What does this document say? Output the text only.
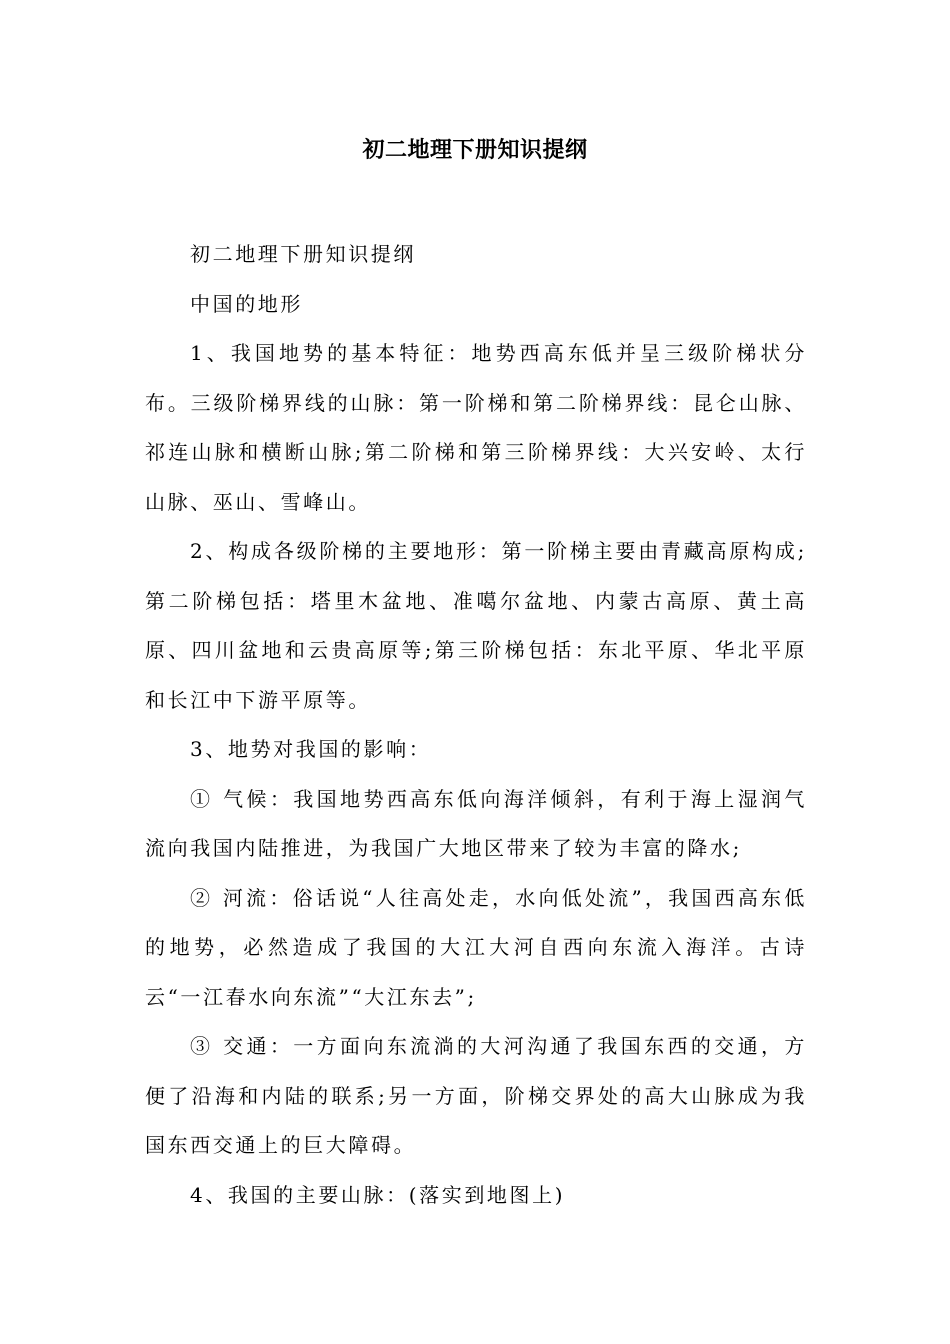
初二地理下册知识提纲

初二地理下册知识提纲

中国的地形

1、我国地势的基本特征：地势西高东低并呈三级阶梯状分布。三级阶梯界线的山脉：第一阶梯和第二阶梯界线：昆仑山脉、祁连山脉和横断山脉;第二阶梯和第三阶梯界线：大兴安岭、太行山脉、巫山、雪峰山。

2、构成各级阶梯的主要地形：第一阶梯主要由青藏高原构成;第二阶梯包括：塔里木盆地、准噶尔盆地、内蒙古高原、黄土高原、四川盆地和云贵高原等;第三阶梯包括：东北平原、华北平原和长江中下游平原等。

3、地势对我国的影响：

① 气候：我国地势西高东低向海洋倾斜，有利于海上湿润气流向我国内陆推进，为我国广大地区带来了较为丰富的降水;

② 河流：俗话说“人往高处走，水向低处流”，我国西高东低的地势，必然造成了我国的大江大河自西向东流入海洋。古诗云“一江春水向东流”“大江东去”;

③ 交通：一方面向东流淌的大河沟通了我国东西的交通，方便了沿海和内陆的联系;另一方面，阶梯交界处的高大山脉成为我国东西交通上的巨大障碍。

4、我国的主要山脉：(落实到地图上)
